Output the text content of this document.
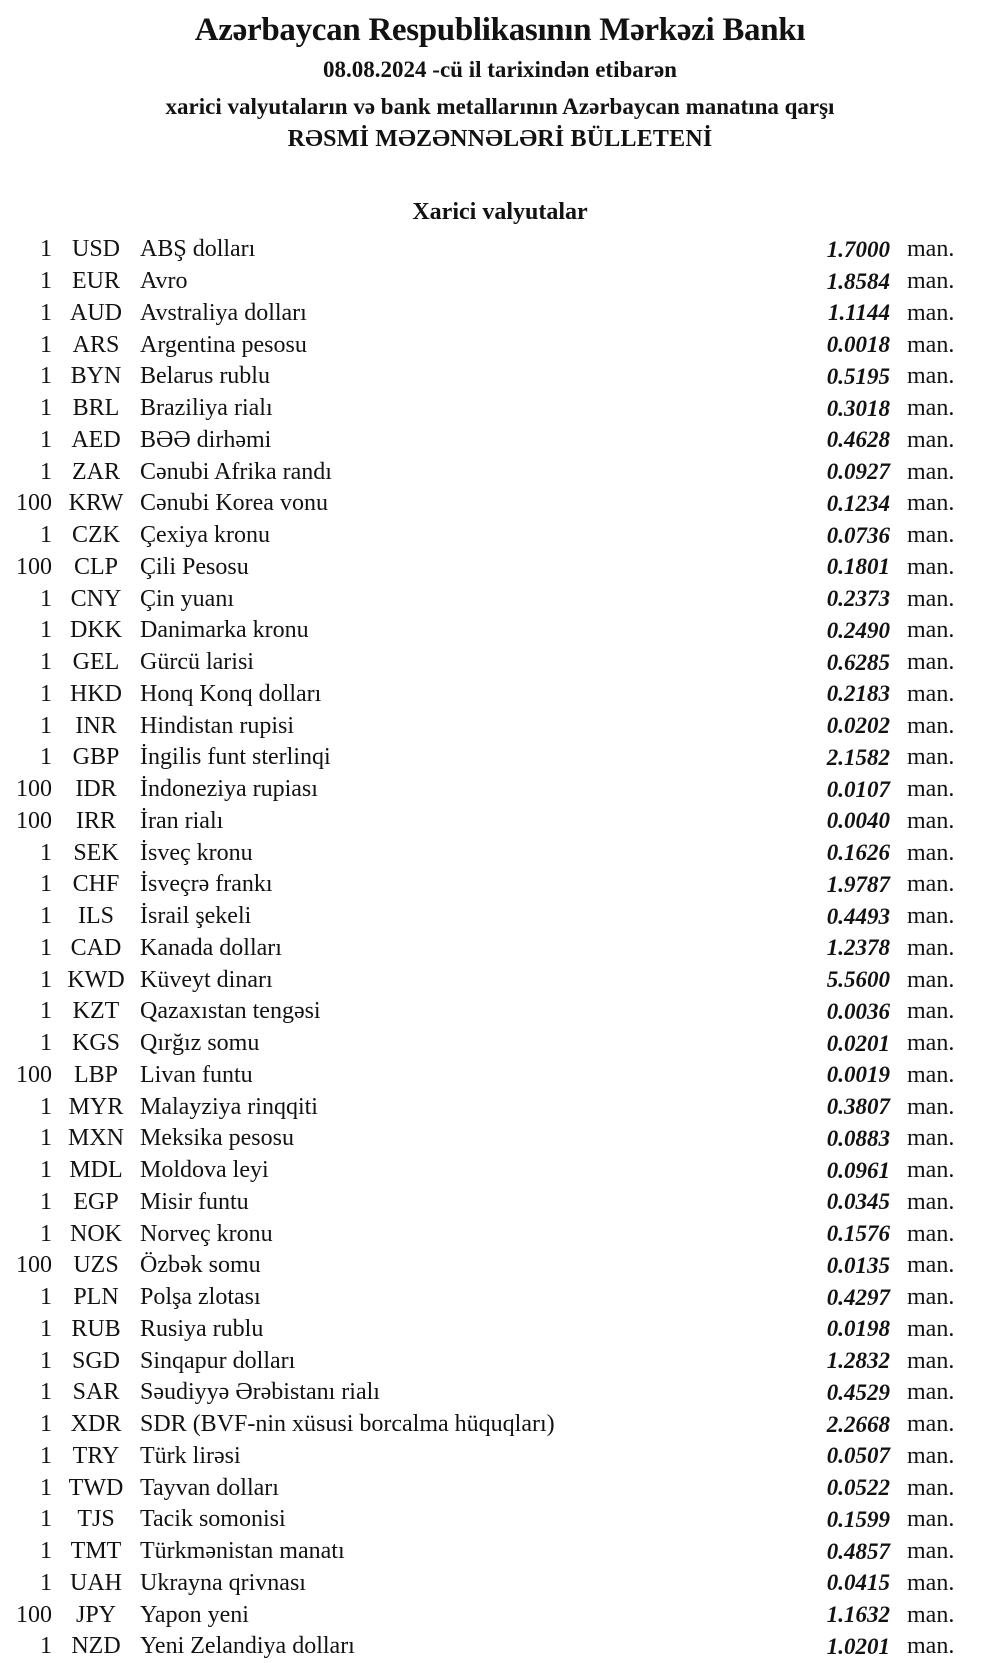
Azərbaycan Respublikasının Mərkəzi Bankı
08.08.2024 -cü il tarixindən etibarən
xarici valyutaların və bank metallarının Azərbaycan manatına qarşı
RƏSMİ MƏZƏNNƏLƏRİ BÜLLETENİ
Xarici valyutalar
1 USD ABŞ dolları	1.7000 man.
1 EUR Avro	1.8584 man.
1 AUD Avstraliya dolları	1.1144 man.
1 ARS Argentina pesosu	0.0018 man.
1 BYN Belarus rublu	0.5195 man.
1 BRL Braziliya rialı	0.3018 man.
1 AED BƏƏ dirhəmi	0.4628 man.
1 ZAR Cənubi Afrika randı	0.0927 man.
100 KRW Cənubi Korea vonu	0.1234 man.
1 CZK Çexiya kronu	0.0736 man.
100 CLP Çili Pesosu	0.1801 man.
1 CNY Çin yuanı	0.2373 man.
1 DKK Danimarka kronu	0.2490 man.
1 GEL Gürcü larisi	0.6285 man.
1 HKD Honq Konq dolları	0.2183 man.
1 INR Hindistan rupisi	0.0202 man.
1 GBP İngilis funt sterlinqi	2.1582 man.
100 IDR İndoneziya rupiası	0.0107 man.
100 IRR	İran rialı	0.0040 man.
1 SEK İsveç kronu	0.1626 man.
1 CHF İsveçrə frankı	1.9787 man.
1	ILS	İsrail şekeli	0.4493 man.
1 CAD Kanada dolları	1.2378 man.
1 KWD Küveyt dinarı	5.5600 man.
1 KZT Qazaxıstan tengəsi	0.0036 man.
1 KGS Qırğız somu	0.0201 man.
100 LBP Livan funtu	0.0019 man.
1 MYR Malayziya rinqqiti	0.3807 man.
1 MXN Meksika pesosu	0.0883 man.
1 MDL Moldova leyi	0.0961 man.
1 EGP Misir funtu	0.0345 man.
1 NOK Norveç kronu	0.1576 man.
100 UZS Özbək somu	0.0135 man.
1 PLN Polşa zlotası	0.4297 man.
1 RUB Rusiya rublu	0.0198 man.
1 SGD Sinqapur dolları	1.2832 man.
1 SAR Səudiyyə Ərəbistanı rialı	0.4529 man.
1 XDR SDR (BVF-nin xüsusi borcalma hüquqları)	2.2668 man.
1 TRY Türk lirəsi	0.0507 man.
1 TWD Tayvan dolları	0.0522 man.
1	TJS	Tacik somonisi	0.1599 man.
1 TMT Türkmənistan manatı	0.4857 man.
1 UAH Ukrayna qrivnası	0.0415 man.
100 JPY Yapon yeni	1.1632 man.
1 NZD Yeni Zelandiya dolları	1.0201 man.
